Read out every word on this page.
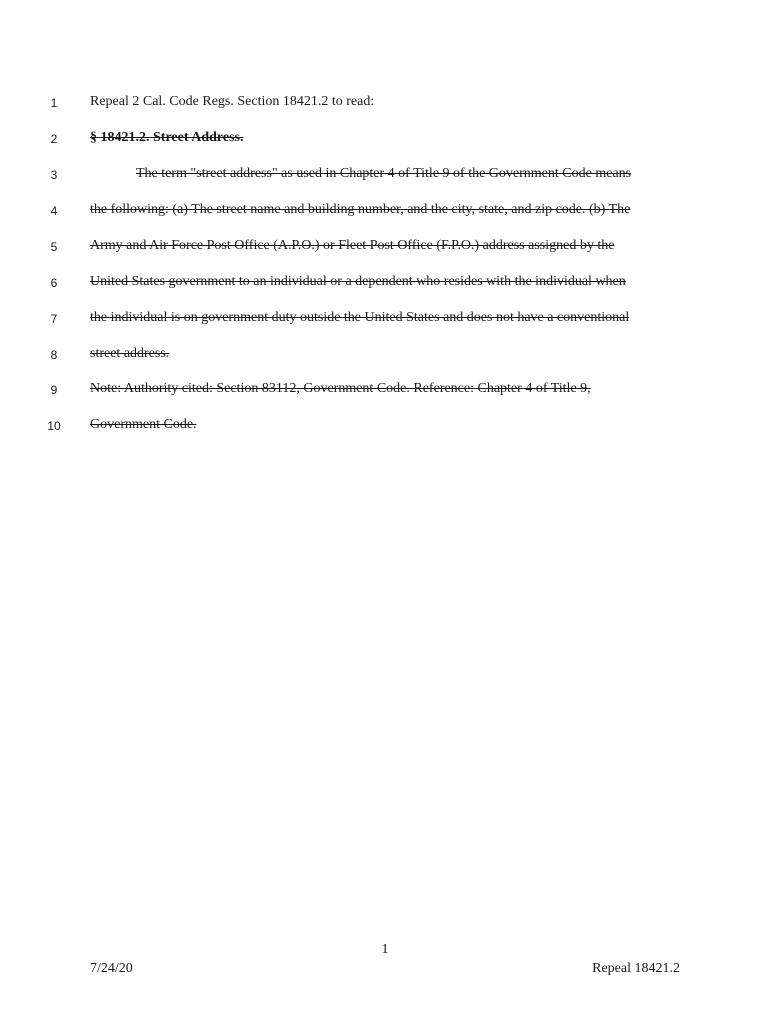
1	Repeal 2 Cal. Code Regs. Section 18421.2 to read:
2	§ 18421.2. Street Address.
3	The term "street address" as used in Chapter 4 of Title 9 of the Government Code means
4	the following: (a) The street name and building number, and the city, state, and zip code. (b) The
5	Army and Air Force Post Office (A.P.O.) or Fleet Post Office (F.P.O.) address assigned by the
6	United States government to an individual or a dependent who resides with the individual when
7	the individual is on government duty outside the United States and does not have a conventional
8	street address.
9	Note: Authority cited: Section 83112, Government Code. Reference: Chapter 4 of Title 9,
10	Government Code.
1
7/24/20	Repeal 18421.2
